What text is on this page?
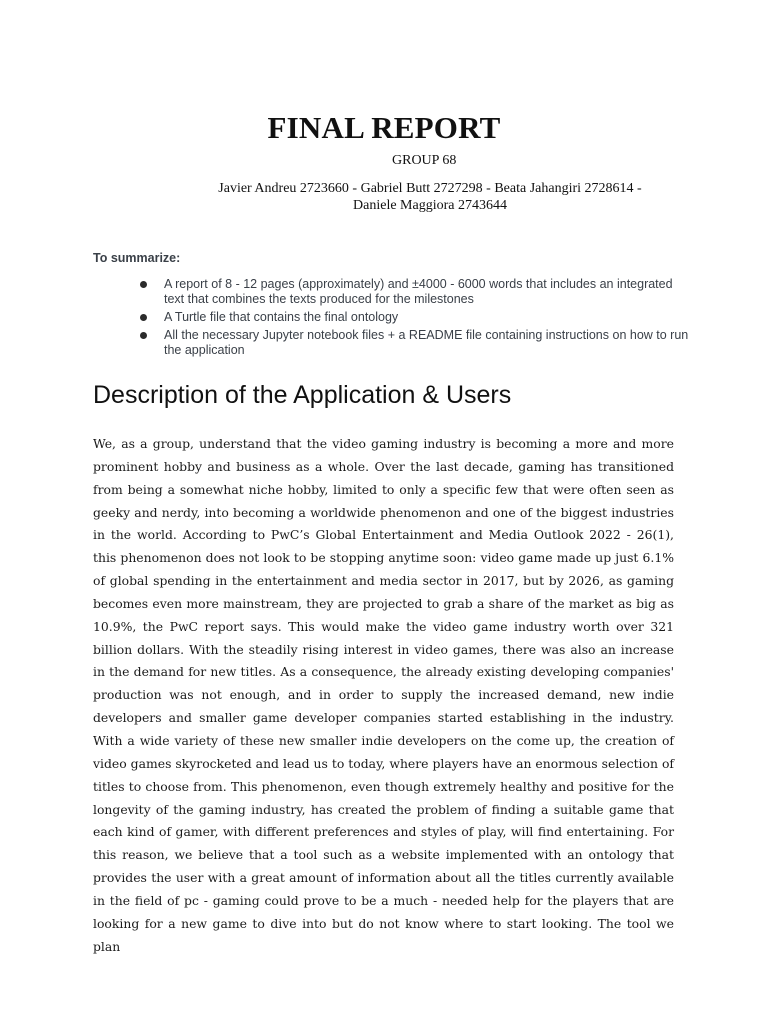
FINAL REPORT
GROUP 68
Javier Andreu 2723660 - Gabriel Butt 2727298 - Beata Jahangiri 2728614 -
Daniele Maggiora 2743644

To summarize:

A report of 8 - 12 pages (approximately) and ±4000 - 6000 words that includes an integrated text that combines the texts produced for the milestones
A Turtle file that contains the final ontology
All the necessary Jupyter notebook files + a README file containing instructions on how to run the application
Description of the Application & Users

We, as a group, understand that the video gaming industry is becoming a more and more prominent hobby and business as a whole. Over the last decade, gaming has transitioned from being a somewhat niche hobby, limited to only a specific few that were often seen as geeky and nerdy, into becoming a worldwide phenomenon and one of the biggest industries in the world. According to PwC’s Global Entertainment and Media Outlook 2022 - 26(1), this phenomenon does not look to be stopping anytime soon: video game made up just 6.1% of global spending in the entertainment and media sector in 2017, but by 2026, as gaming becomes even more mainstream, they are projected to grab a share of the market as big as 10.9%, the PwC report says. This would make the video game industry worth over 321 billion dollars. With the steadily rising interest in video games, there was also an increase in the demand for new titles. As a consequence, the already existing developing companies' production was not enough, and in order to supply the increased demand, new indie developers and smaller game developer companies started establishing in the industry. With a wide variety of these new smaller indie developers on the come up, the creation of video games skyrocketed and lead us to today, where players have an enormous selection of titles to choose from. This phenomenon, even though extremely healthy and positive for the longevity of the gaming industry, has created the problem of finding a suitable game that each kind of gamer, with different preferences and styles of play, will find entertaining. For this reason, we believe that a tool such as a website implemented with an ontology that provides the user with a great amount of information about all the titles currently available in the field of pc - gaming could prove to be a much - needed help for the players that are looking for a new game to dive into but do not know where to start looking. The tool we plan
